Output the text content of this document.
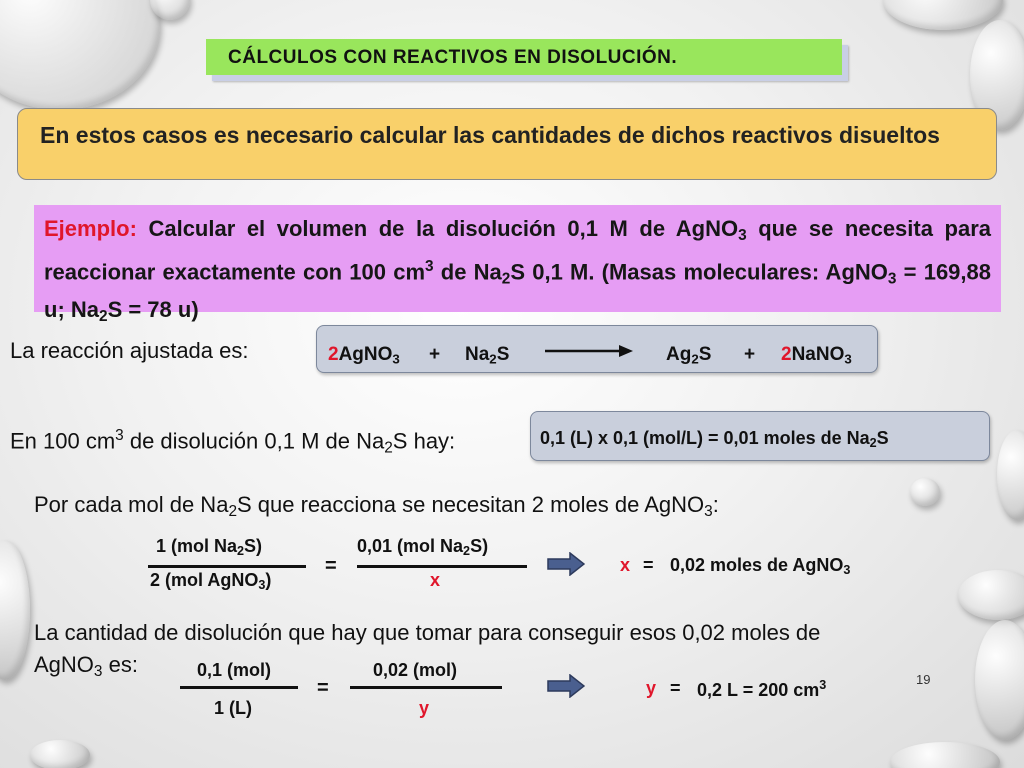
CÁLCULOS CON REACTIVOS EN DISOLUCIÓN.
En estos casos es necesario calcular las cantidades de dichos reactivos disueltos
Ejemplo: Calcular el volumen de la disolución 0,1 M de AgNO$_3$ que se necesita para reaccionar exactamente con 100 $cm^3$ de $Na_2S$ 0,1 M. (Masas moleculares: AgNO$_3$ = 169,88 u; $Na_2S = 78$ u)
La reacción ajustada es:	2AgNO$_3$ + $Na_2S$	$Ag_2S$ + 2NaNO$_3$
En 100 $cm^3$ de disolución 0,1 M de $Na_2S$ hay:	0,1 (L) x 0,1 (mol/L) = 0,01 moles de $Na_2S$
Por cada mol de $Na_2S$ que reacciona se necesitan 2 moles de AgNO$_3$:
1 (mol $Na_2S$)
2 (mol AgNO$_3$)
=
0,01 (mol $Na_2S$)
x
x = 0,02 moles de AgNO$_3$
La cantidad de disolución que hay que tomar para conseguir esos 0,02 moles de
AgNO$_3$ es:	0,1 (mol)
1 (L)
=
0,02 (mol)
y
y = 0,2 L = 200 $cm^3$	19
